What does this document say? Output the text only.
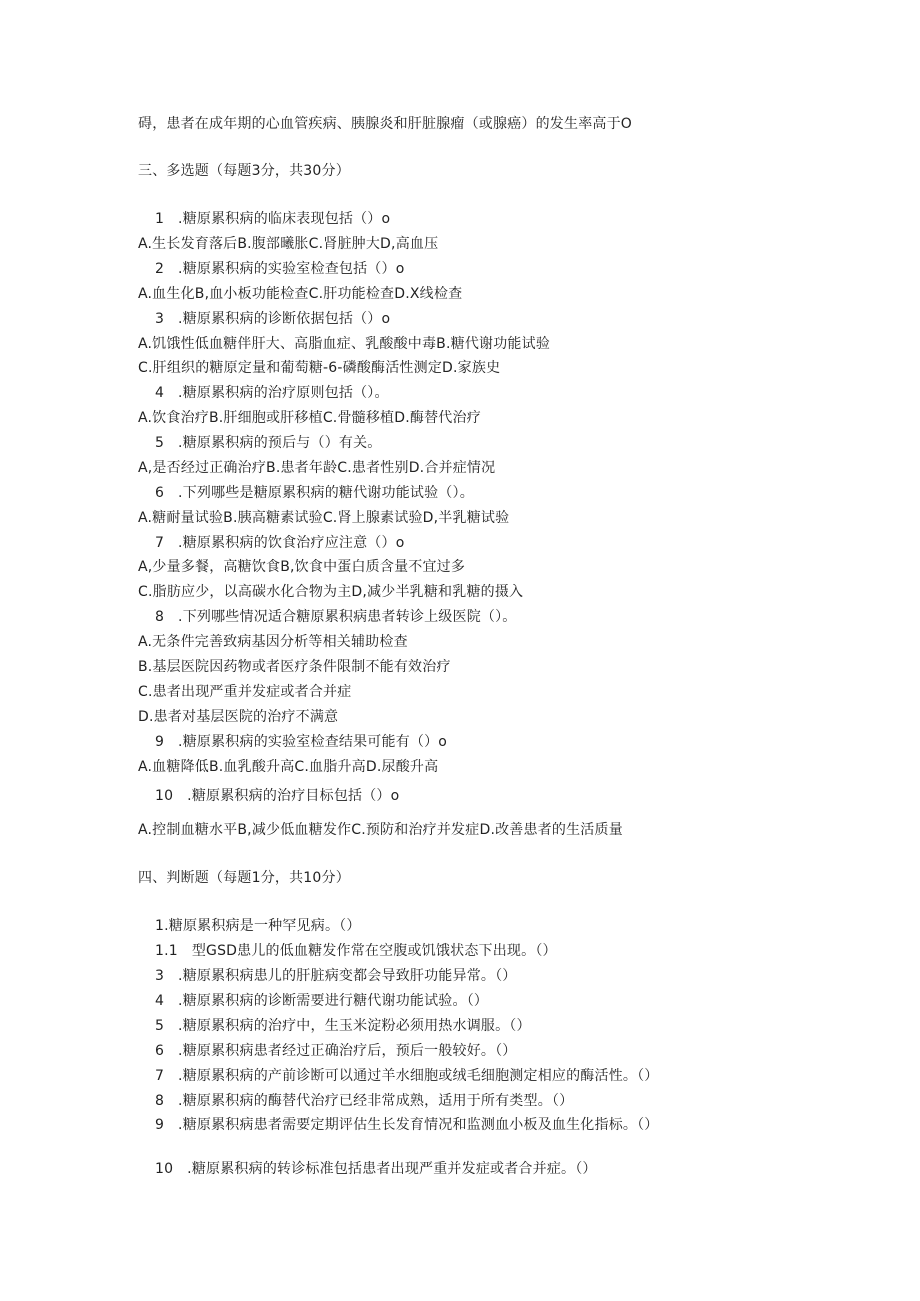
碍，患者在成年期的心血管疾病、胰腺炎和肝脏腺瘤（或腺癌）的发生率高于O
三、多选题（每题3分，共30分）
1   .糖原累积病的临床表现包括（）o
A.生长发育落后B.腹部曦胀C.肾脏肿大D,高血压
2   .糖原累积病的实验室检查包括（）o
A.血生化B,血小板功能检查C.肝功能检查D.X线检查
3   .糖原累积病的诊断依据包括（）o
A.饥饿性低血糖伴肝大、高脂血症、乳酸酸中毒B.糖代谢功能试验
C.肝组织的糖原定量和葡萄糖-6-磷酸酶活性测定D.家族史
4   .糖原累积病的治疗原则包括（）。
A.饮食治疗B.肝细胞或肝移植C.骨髓移植D.酶替代治疗
5   .糖原累积病的预后与（）有关。
A,是否经过正确治疗B.患者年龄C.患者性别D.合并症情况
6   .下列哪些是糖原累积病的糖代谢功能试验（）。
A.糖耐量试验B.胰高糖素试验C.肾上腺素试验D,半乳糖试验
7   .糖原累积病的饮食治疗应注意（）o
A,少量多餐，高糖饮食B,饮食中蛋白质含量不宜过多
C.脂肪应少，以高碳水化合物为主D,减少半乳糖和乳糖的摄入
8   .下列哪些情况适合糖原累积病患者转诊上级医院（）。
A.无条件完善致病基因分析等相关辅助检查
B.基层医院因药物或者医疗条件限制不能有效治疗
C.患者出现严重并发症或者合并症
D.患者对基层医院的治疗不满意
9   .糖原累积病的实验室检查结果可能有（）o
A.血糖降低B.血乳酸升高C.血脂升高D.尿酸升高
10   .糖原累积病的治疗目标包括（）o
A.控制血糖水平B,减少低血糖发作C.预防和治疗并发症D.改善患者的生活质量
四、判断题（每题1分，共10分）
1.糖原累积病是一种罕见病。（）
1.1   型GSD患儿的低血糖发作常在空腹或饥饿状态下出现。（）
3   .糖原累积病患儿的肝脏病变都会导致肝功能异常。（）
4   .糖原累积病的诊断需要进行糖代谢功能试验。（）
5   .糖原累积病的治疗中，生玉米淀粉必须用热水调服。（）
6   .糖原累积病患者经过正确治疗后，预后一般较好。（）
7   .糖原累积病的产前诊断可以通过羊水细胞或绒毛细胞测定相应的酶活性。（）
8   .糖原累积病的酶替代治疗已经非常成熟，适用于所有类型。（）
9   .糖原累积病患者需要定期评估生长发育情况和监测血小板及血生化指标。（）
10   .糖原累积病的转诊标准包括患者出现严重并发症或者合并症。（）
